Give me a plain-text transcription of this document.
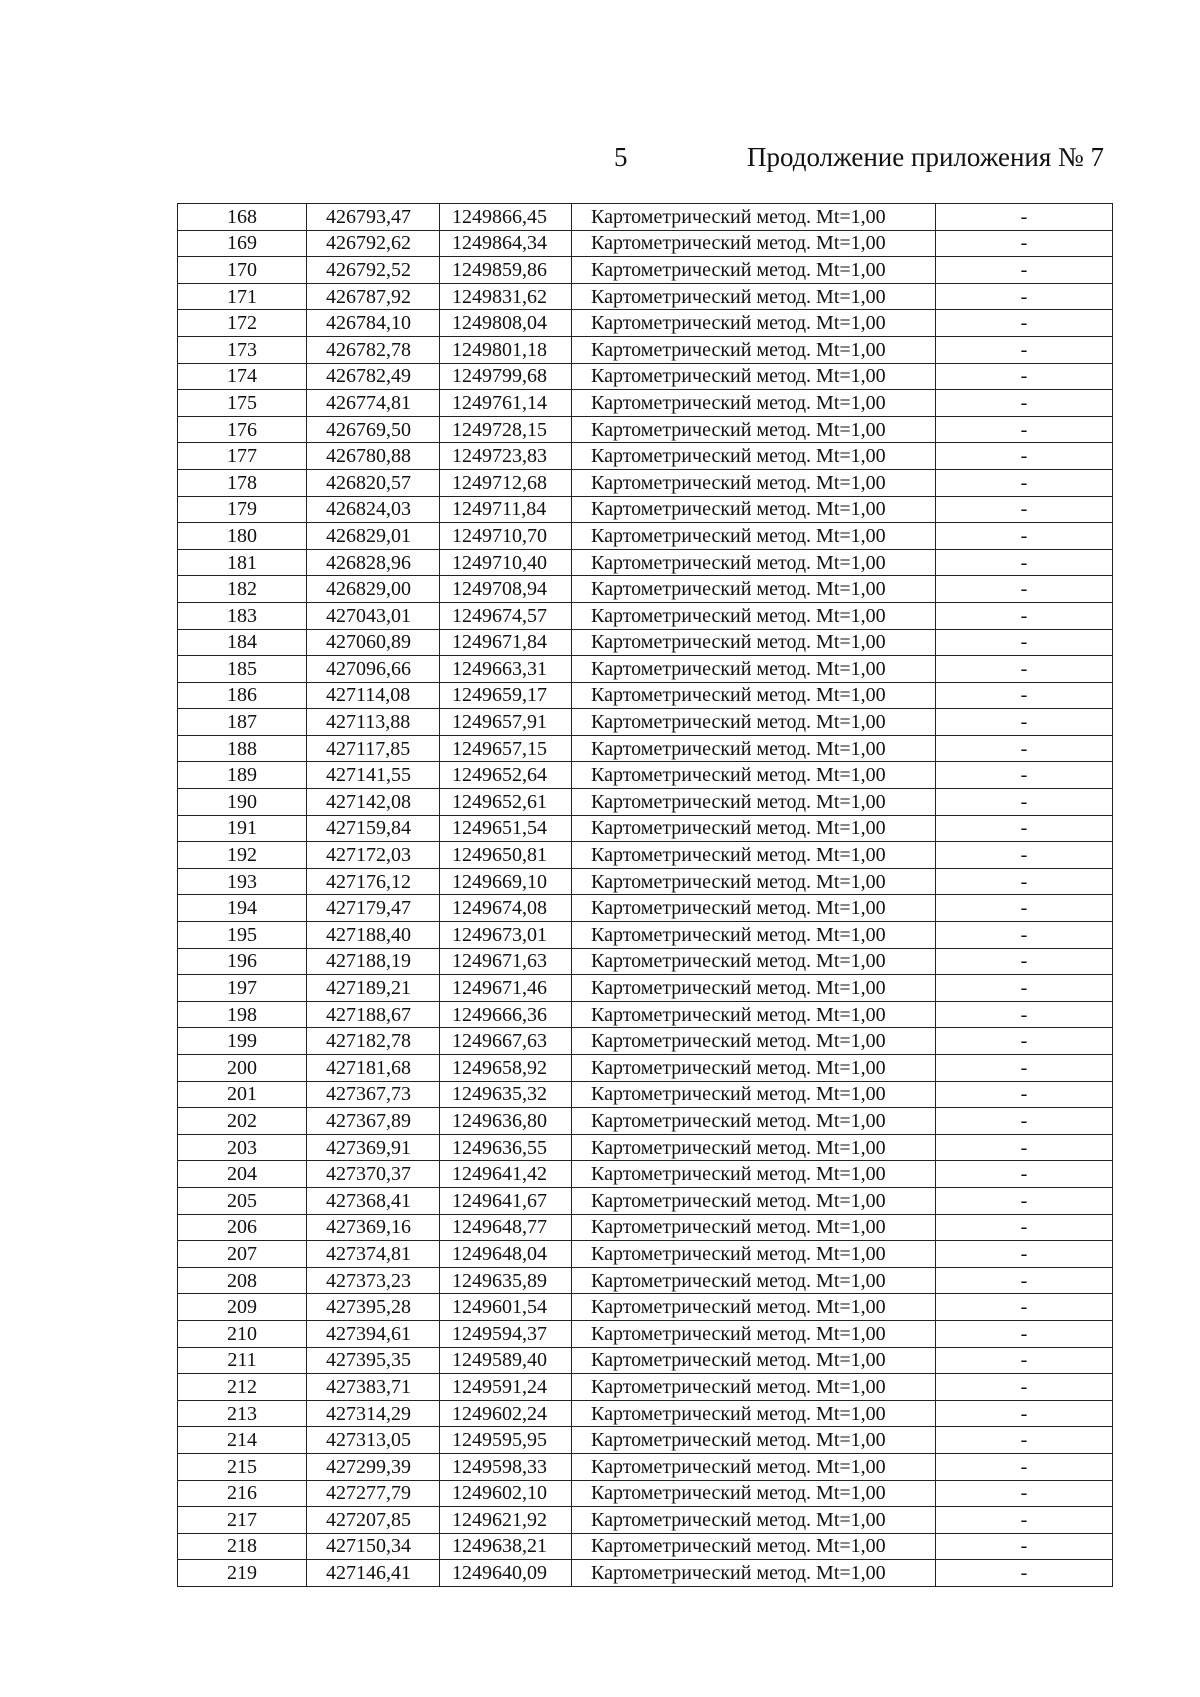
5	Продолжение приложения № 7
168	426793,47	1249866,45	Картометрический метод. Mt=1,00	-
169	426792,62	1249864,34	Картометрический метод. Mt=1,00	-
170	426792,52	1249859,86	Картометрический метод. Mt=1,00	-
171	426787,92	1249831,62	Картометрический метод. Mt=1,00	-
172	426784,10	1249808,04	Картометрический метод. Mt=1,00	-
173	426782,78	1249801,18	Картометрический метод. Mt=1,00	-
174	426782,49	1249799,68	Картометрический метод. Mt=1,00	-
175	426774,81	1249761,14	Картометрический метод. Mt=1,00	-
176	426769,50	1249728,15	Картометрический метод. Mt=1,00	-
177	426780,88	1249723,83	Картометрический метод. Mt=1,00	-
178	426820,57	1249712,68	Картометрический метод. Mt=1,00	-
179	426824,03	1249711,84	Картометрический метод. Mt=1,00	-
180	426829,01	1249710,70	Картометрический метод. Mt=1,00	-
181	426828,96	1249710,40	Картометрический метод. Mt=1,00	-
182	426829,00	1249708,94	Картометрический метод. Mt=1,00	-
183	427043,01	1249674,57	Картометрический метод. Mt=1,00	-
184	427060,89	1249671,84	Картометрический метод. Mt=1,00	-
185	427096,66	1249663,31	Картометрический метод. Mt=1,00	-
186	427114,08	1249659,17	Картометрический метод. Mt=1,00	-
187	427113,88	1249657,91	Картометрический метод. Mt=1,00	-
188	427117,85	1249657,15	Картометрический метод. Mt=1,00	-
189	427141,55	1249652,64	Картометрический метод. Mt=1,00	-
190	427142,08	1249652,61	Картометрический метод. Mt=1,00	-
191	427159,84	1249651,54	Картометрический метод. Mt=1,00	-
192	427172,03	1249650,81	Картометрический метод. Mt=1,00	-
193	427176,12	1249669,10	Картометрический метод. Mt=1,00	-
194	427179,47	1249674,08	Картометрический метод. Mt=1,00	-
195	427188,40	1249673,01	Картометрический метод. Mt=1,00	-
196	427188,19	1249671,63	Картометрический метод. Mt=1,00	-
197	427189,21	1249671,46	Картометрический метод. Mt=1,00	-
198	427188,67	1249666,36	Картометрический метод. Mt=1,00	-
199	427182,78	1249667,63	Картометрический метод. Mt=1,00	-
200	427181,68	1249658,92	Картометрический метод. Mt=1,00	-
201	427367,73	1249635,32	Картометрический метод. Mt=1,00	-
202	427367,89	1249636,80	Картометрический метод. Mt=1,00	-
203	427369,91	1249636,55	Картометрический метод. Mt=1,00	-
204	427370,37	1249641,42	Картометрический метод. Mt=1,00	-
205	427368,41	1249641,67	Картометрический метод. Mt=1,00	-
206	427369,16	1249648,77	Картометрический метод. Mt=1,00	-
207	427374,81	1249648,04	Картометрический метод. Mt=1,00	-
208	427373,23	1249635,89	Картометрический метод. Mt=1,00	-
209	427395,28	1249601,54	Картометрический метод. Mt=1,00	-
210	427394,61	1249594,37	Картометрический метод. Mt=1,00	-
211	427395,35	1249589,40	Картометрический метод. Mt=1,00	-
212	427383,71	1249591,24	Картометрический метод. Mt=1,00	-
213	427314,29	1249602,24	Картометрический метод. Mt=1,00	-
214	427313,05	1249595,95	Картометрический метод. Mt=1,00	-
215	427299,39	1249598,33	Картометрический метод. Mt=1,00	-
216	427277,79	1249602,10	Картометрический метод. Mt=1,00	-
217	427207,85	1249621,92	Картометрический метод. Mt=1,00	-
218	427150,34	1249638,21	Картометрический метод. Mt=1,00	-
219	427146,41	1249640,09	Картометрический метод. Mt=1,00	-
